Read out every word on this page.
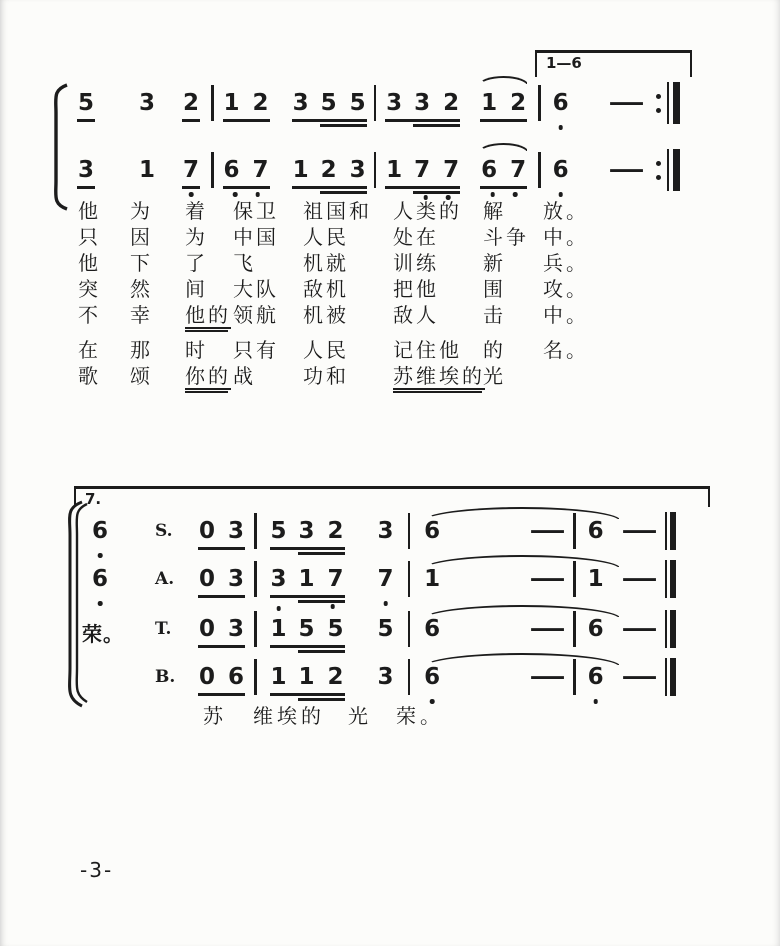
1—6
5 3 2 1 2 3 5 5 3 3 2 1 2 6 —
3 1 7 6 7 1 2 3 1 7 7 6 7 6 —
他	为	着	保卫	祖国和	人类的	解	放。
只	因	为	中国	人民	处在	斗争 中。
他	下	了	飞	机就	训练	新	兵。
突	然	间	大队	敌机	把他	围	攻。
不	幸	他的 领航	机被	敌人	击	中。
在	那	时	只有	人民	记住他	的	名。
歌	颂	你的 战	功和	苏维埃的
光
7.
6
6
荣。
S.	0 3 5 3 2 3 6	— 6 —
A.	0 3 3 1 7 7 1	— 1 —
T.	0 3 1 5 5 5 6	— 6 —
B.	0 6 1 1 2 3 6	— 6 —
苏	维埃的	光	荣。
-3-
